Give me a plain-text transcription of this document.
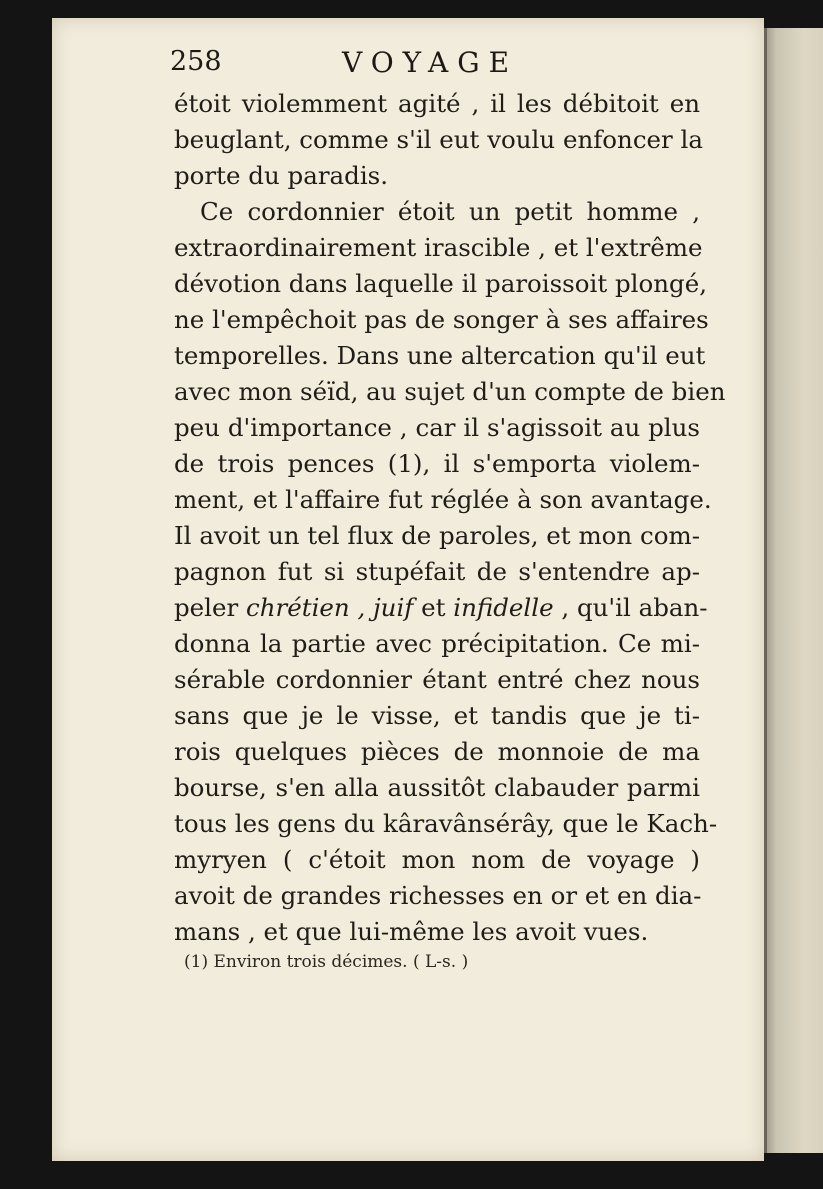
258	VOYAGE
étoit violemment agité , il les débitoit en
beuglant, comme s'il eut voulu enfoncer la
porte du paradis.
Ce cordonnier étoit un petit homme ,
extraordinairement irascible , et l'extrême
dévotion dans laquelle il paroissoit plongé,
ne l'empêchoit pas de songer à ses affaires
temporelles. Dans une altercation qu'il eut
avec mon séïd, au sujet d'un compte de bien
peu d'importance , car il s'agissoit au plus
de trois pences (1), il s'emporta violem-
ment, et l'affaire fut réglée à son avantage.
Il avoit un tel flux de paroles, et mon com-
pagnon fut si stupéfait de s'entendre ap-
peler chrétien , juif et infidelle , qu'il aban-
donna la partie avec précipitation. Ce mi-
sérable cordonnier étant entré chez nous
sans que je le visse, et tandis que je ti-
rois quelques pièces de monnoie de ma
bourse, s'en alla aussitôt clabauder parmi
tous les gens du kâravânsérây, que le Kach-
myryen ( c'étoit mon nom de voyage )
avoit de grandes richesses en or et en dia-
mans , et que lui-même les avoit vues.
(1) Environ trois décimes. ( L-s. )
